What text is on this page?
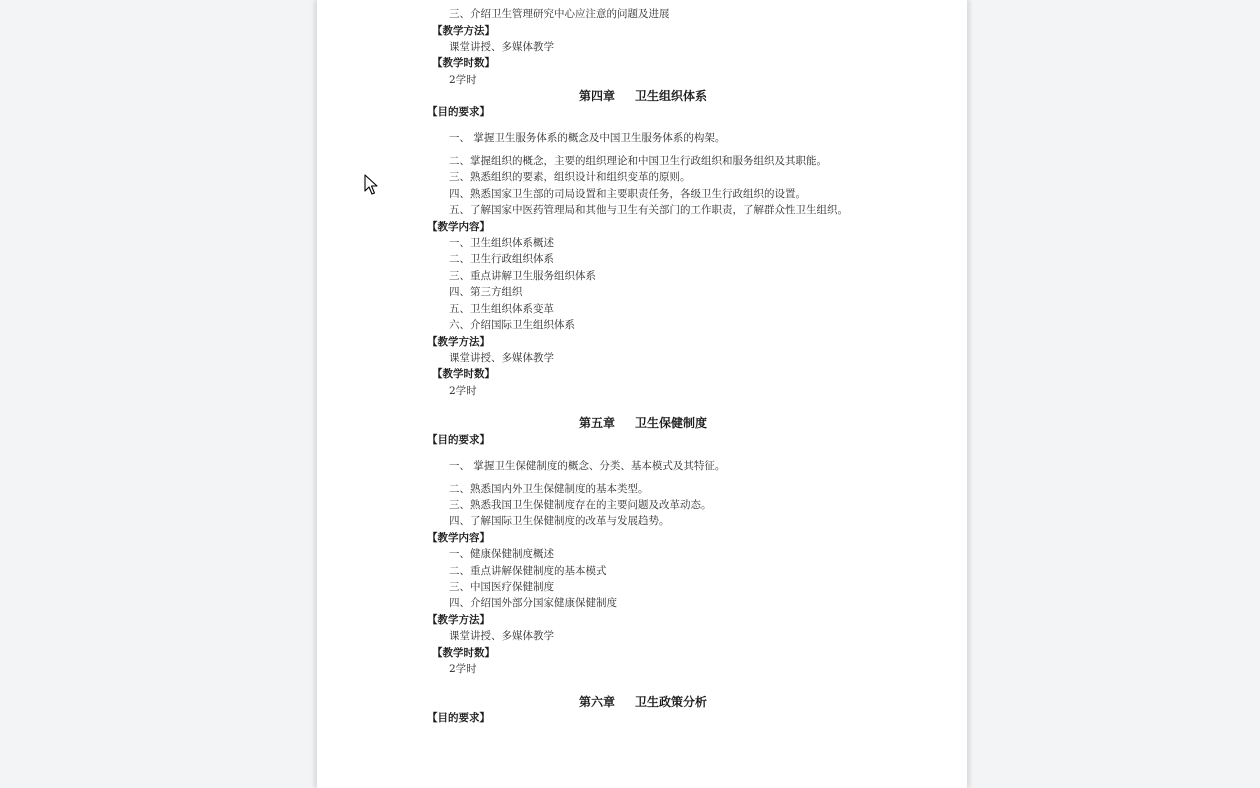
三、介绍卫生管理研究中心应注意的问题及进展
【教学方法】
课堂讲授、多媒体教学
【教学时数】
2学时
第四章 卫生组织体系
【目的要求】
一、 掌握卫生服务体系的概念及中国卫生服务体系的构架。
二、掌握组织的概念，主要的组织理论和中国卫生行政组织和服务组织及其职能。
三、熟悉组织的要素，组织设计和组织变革的原则。
四、熟悉国家卫生部的司局设置和主要职责任务，各级卫生行政组织的设置。
五、了解国家中医药管理局和其他与卫生有关部门的工作职责，了解群众性卫生组织。
【教学内容】
一、卫生组织体系概述
二、卫生行政组织体系
三、重点讲解卫生服务组织体系
四、第三方组织
五、卫生组织体系变革
六、介绍国际卫生组织体系
【教学方法】
课堂讲授、多媒体教学
【教学时数】
2学时
第五章 卫生保健制度
【目的要求】
一、 掌握卫生保健制度的概念、分类、基本模式及其特征。
二、熟悉国内外卫生保健制度的基本类型。
三、熟悉我国卫生保健制度存在的主要问题及改革动态。
四、了解国际卫生保健制度的改革与发展趋势。
【教学内容】
一、健康保健制度概述
二、重点讲解保健制度的基本模式
三、中国医疗保健制度
四、介绍国外部分国家健康保健制度
【教学方法】
课堂讲授、多媒体教学
【教学时数】
2学时
第六章 卫生政策分析
【目的要求】
